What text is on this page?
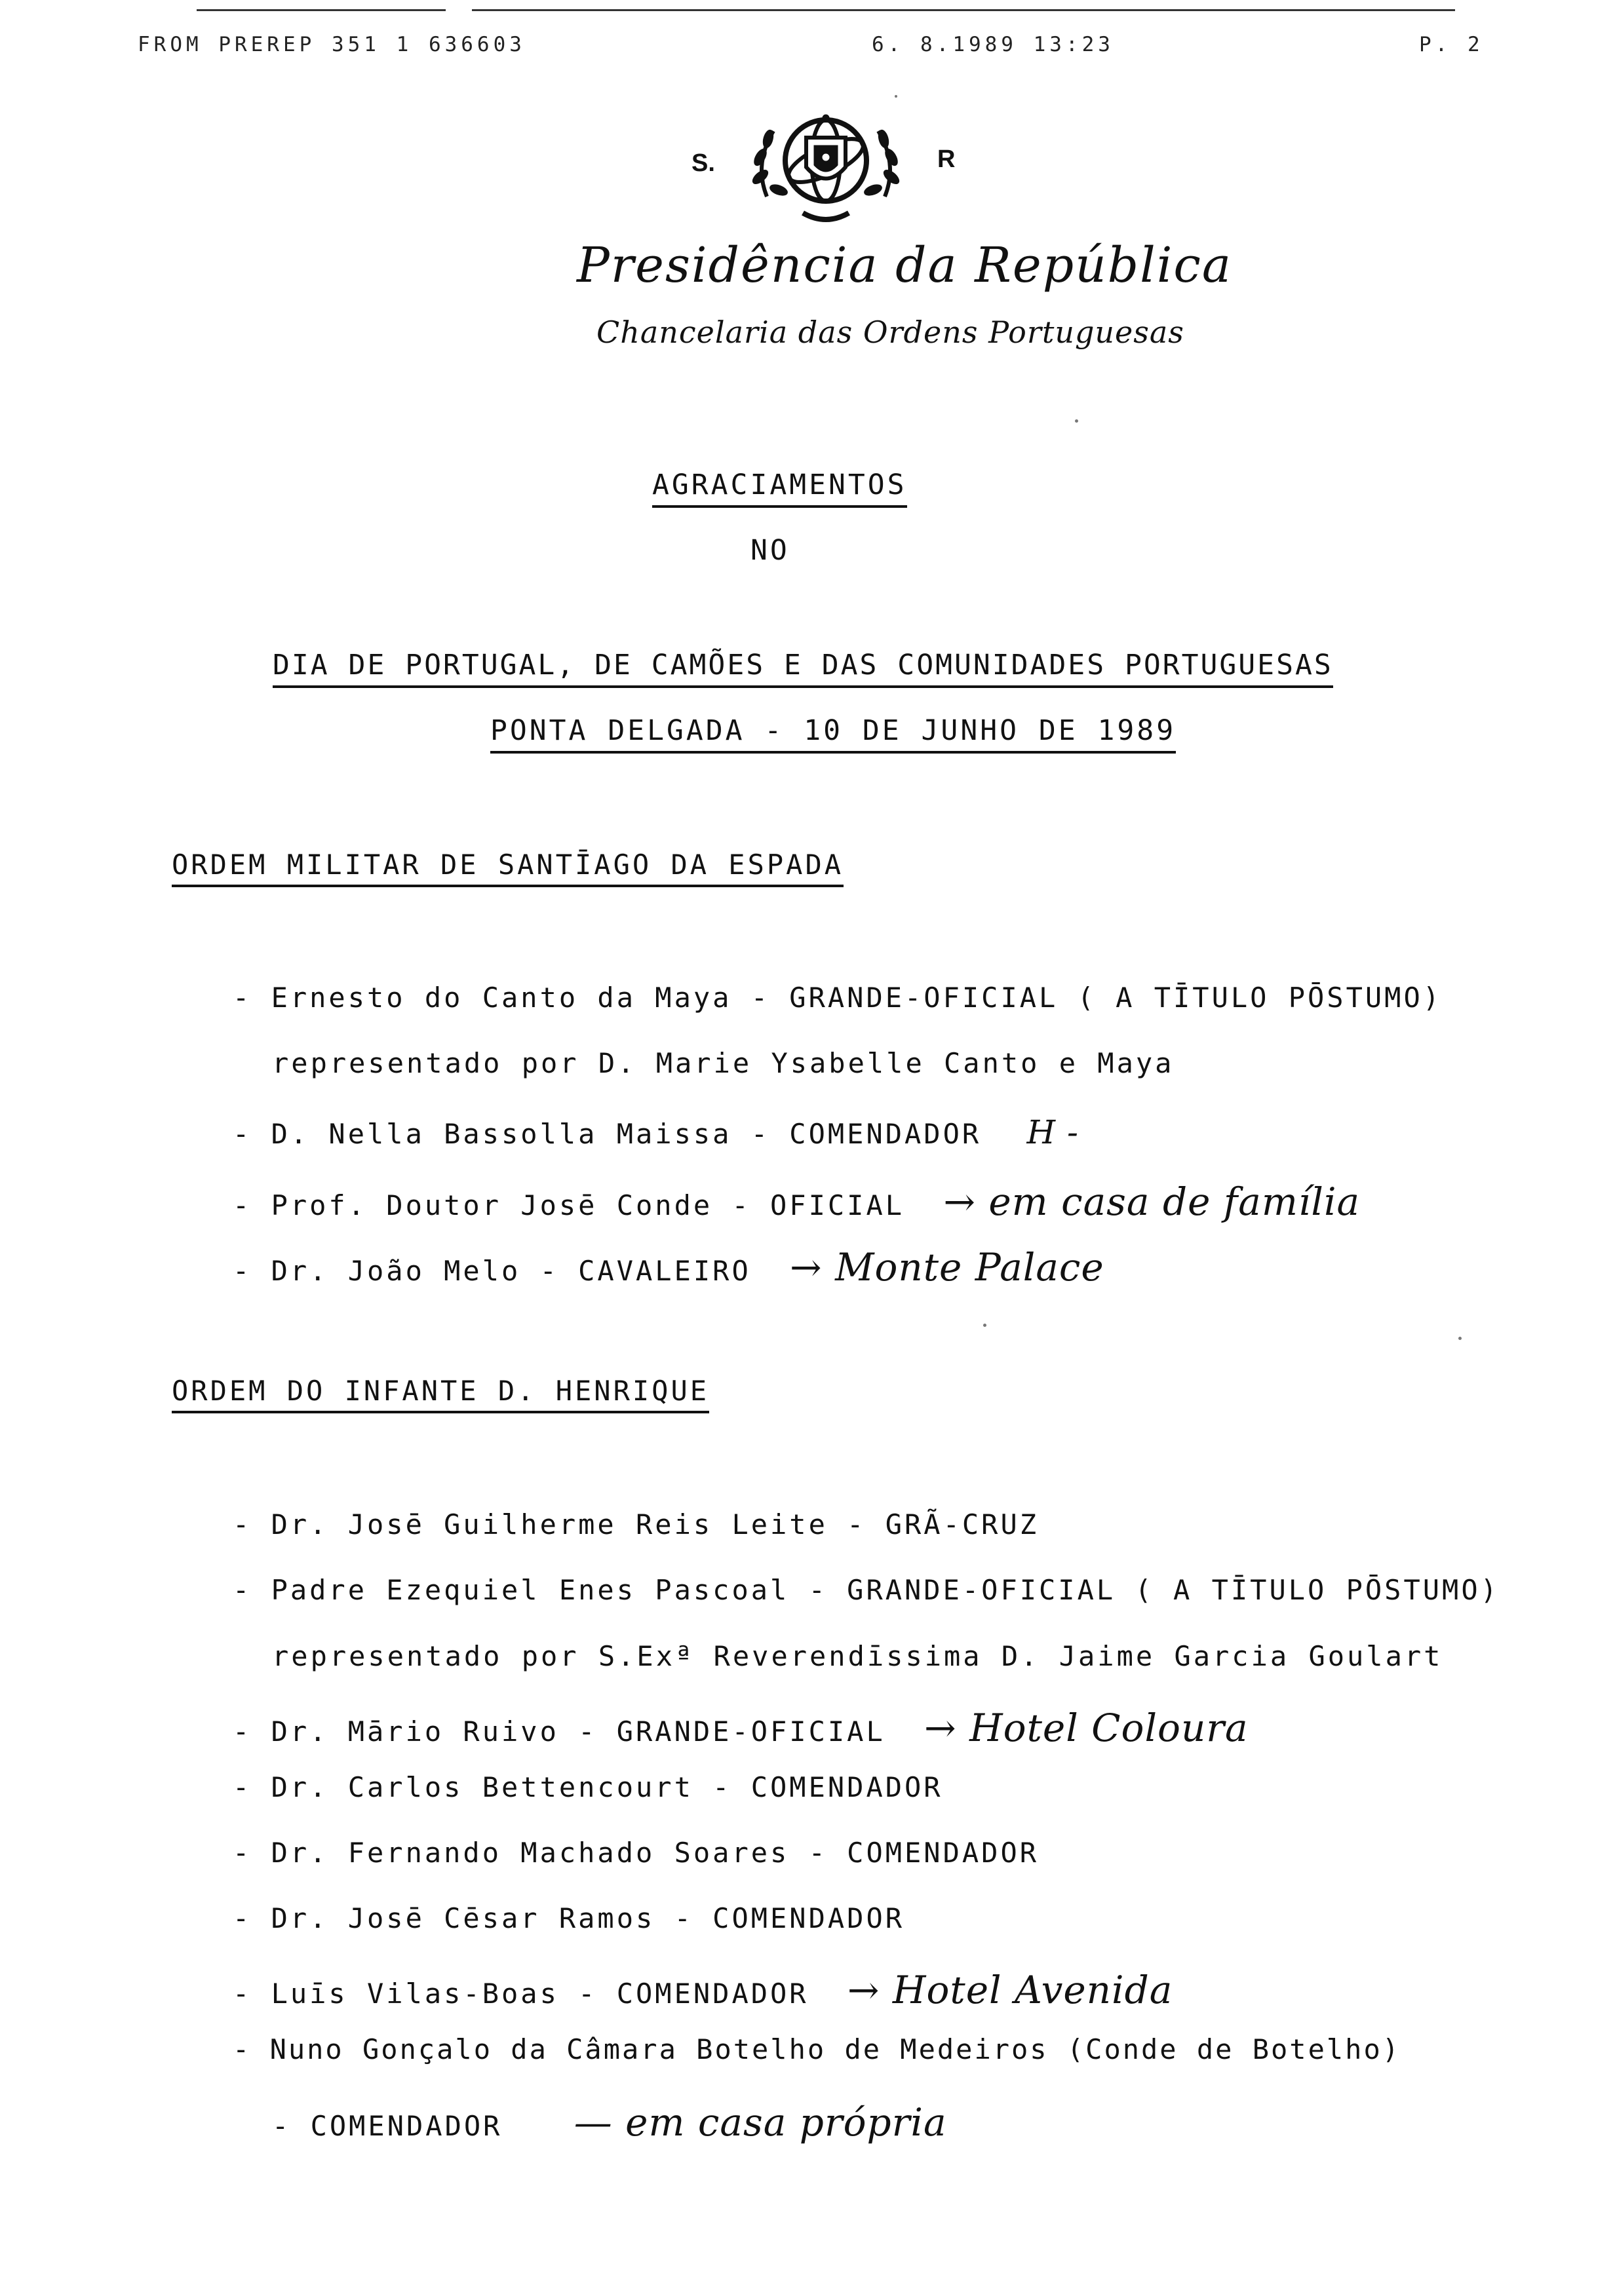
FROM PREREP 351 1 636603	6. 8.1989 13:23	P. 2
S.	R
Presidência da República
Chancelaria das Ordens Portuguesas
AGRACIAMENTOS
NO
DIA DE PORTUGAL, DE CAMÕES E DAS COMUNIDADES PORTUGUESAS
PONTA DELGADA - 10 DE JUNHO DE 1989
ORDEM MILITAR DE SANTĪAGO DA ESPADA
- Ernesto do Canto da Maya - GRANDE-OFICIAL ( A TĪTULO PŌSTUMO)
representado por D. Marie Ysabelle Canto e Maya
- D. Nella Bassolla Maissa - COMENDADOR H -
- Prof. Doutor Josē Conde - OFICIAL → em casa de família
- Dr. João Melo - CAVALEIRO → Monte Palace
ORDEM DO INFANTE D. HENRIQUE
- Dr. Josē Guilherme Reis Leite - GRÃ-CRUZ
- Padre Ezequiel Enes Pascoal - GRANDE-OFICIAL ( A TĪTULO PŌSTUMO)
representado por S.Exª Reverendīssima D. Jaime Garcia Goulart
- Dr. Mārio Ruivo - GRANDE-OFICIAL → Hotel Coloura
- Dr. Carlos Bettencourt - COMENDADOR
- Dr. Fernando Machado Soares - COMENDADOR
- Dr. Josē Cēsar Ramos - COMENDADOR
- Luīs Vilas-Boas - COMENDADOR → Hotel Avenida
- Nuno Gonçalo da Câmara Botelho de Medeiros (Conde de Botelho)
- COMENDADOR — em casa própria
